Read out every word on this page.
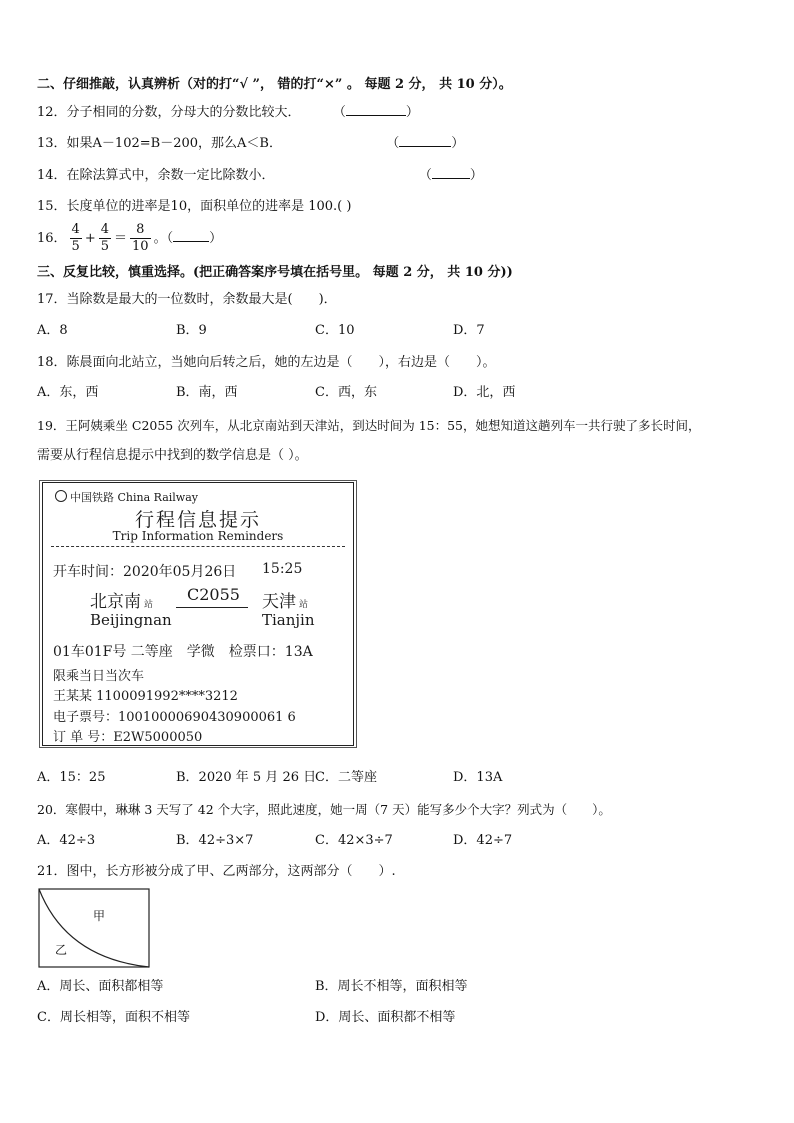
二、仔细推敲，认真辨析（对的打“√ ”， 错的打“×” 。 每题 2 分， 共 10 分）。
12．分子相同的分数，分母大的分数比较大． （	）
13．如果A－102=B－200，那么A＜B．	（	）
14．在除法算式中，余数一定比除数小．	（	）
15．长度单位的进率是10，面积单位的进率是 100.( )
16． $\frac{4}{5} + \frac{4}{5} = \frac{8}{10}$ 。（	）
三、反复比较，慎重选择。(把正确答案序号填在括号里。 每题 2 分， 共 10 分))
17．当除数是最大的一位数时，余数最大是(　　)．
A．8	B．9	C．10	D．7
18．陈晨面向北站立，当她向后转之后，她的左边是（　　），右边是（　　）。
A．东，西	B．南，西	C．西，东	D．北，西
19．王阿姨乘坐 C2055 次列车，从北京南站到天津站，到达时间为 15：55，她想知道这趟列车一共行驶了多长时间，
需要从行程信息提示中找到的数学信息是（ ）。
中国铁路 China Railway
行程信息提示
Trip Information Reminders
开车时间：2020年05月26日 15:25
北京南 站
C2055 天津 站
Beijingnan	Tianjin
01车01F号 二等座　学微　检票口：13A
限乘当日当次车
王某某 1100091992****3212
电子票号：10010000690430900061 6
订 单 号：E2W5000050
A．15：25	B．2020 年 5 月 26 日
C．二等座	D．13A
20．寒假中，琳琳 3 天写了 42 个大字，照此速度，她一周（7 天）能写多少个大字？列式为（　　）。
A．42÷3	B．42÷3×7	C．42×3÷7	D．42÷7
21．图中，长方形被分成了甲、乙两部分，这两部分（　　）.
甲
乙
A．周长、面积都相等	B．周长不相等，面积相等
C．周长相等，面积不相等	D．周长、面积都不相等
